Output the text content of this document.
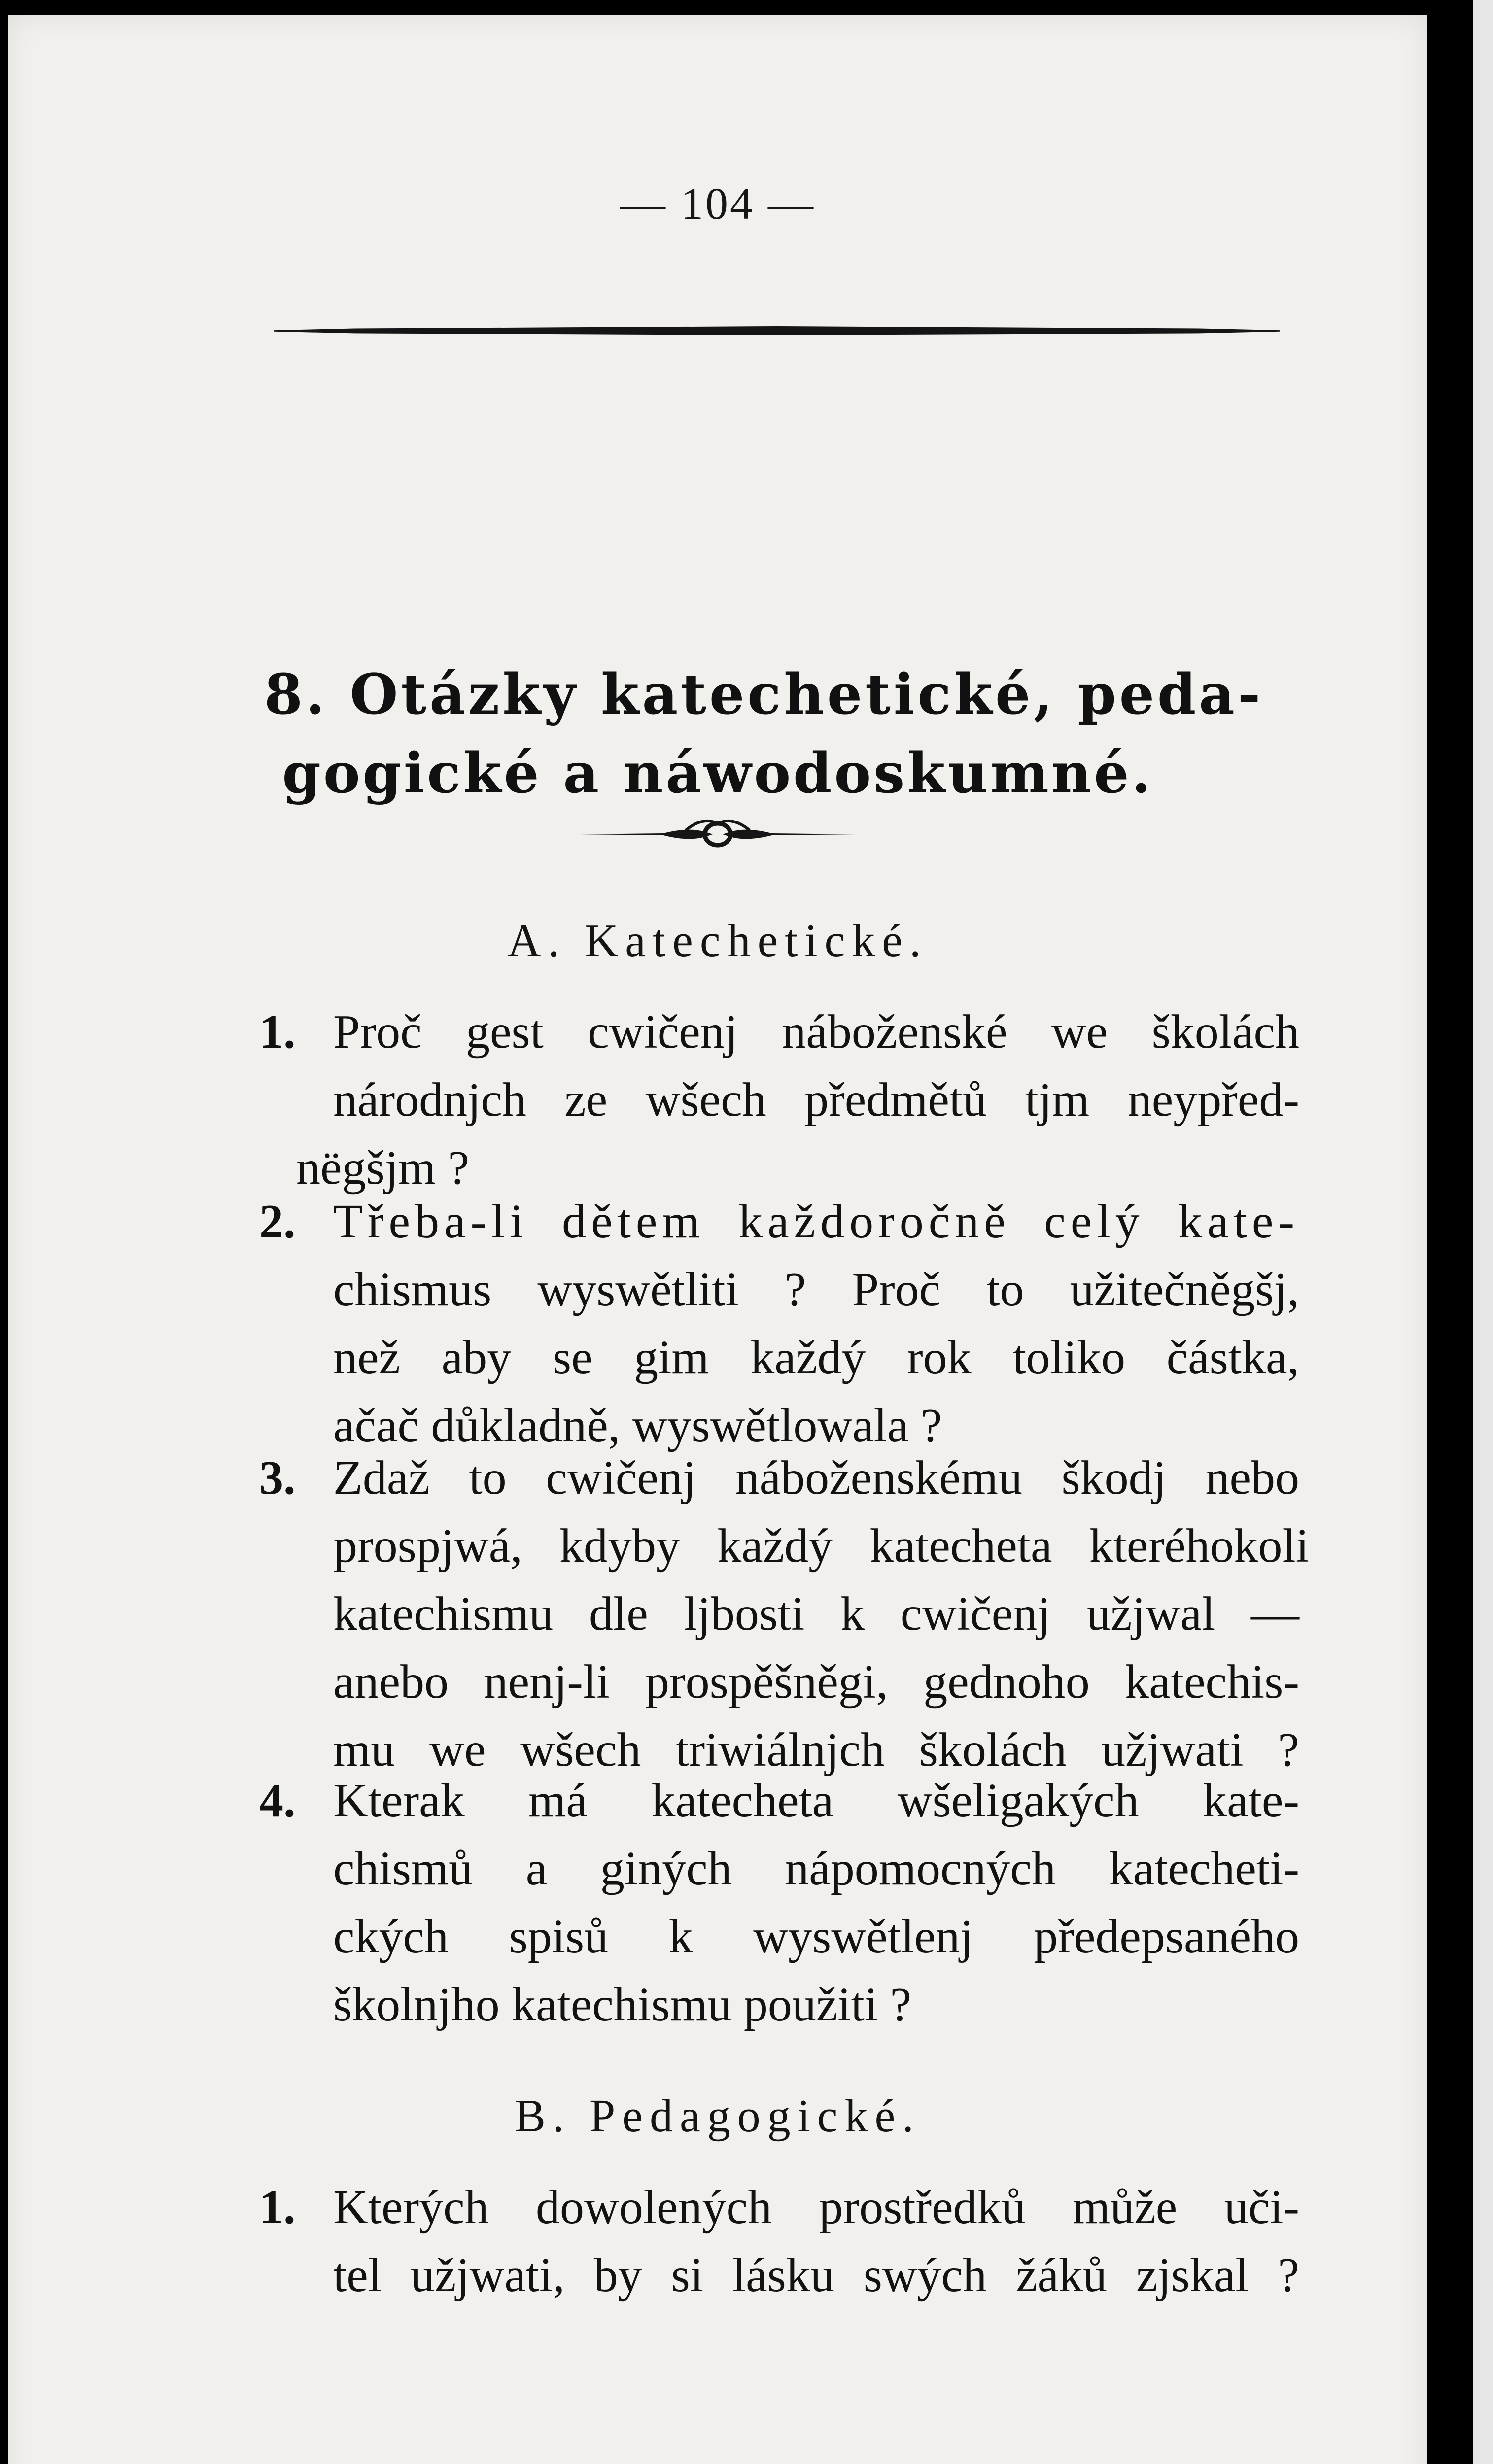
— 104 —
8. Otázky katechetické, peda-
gogické a náwodoskumné.
A. Katechetické.
1. Proč gest cwičenj náboženské we školách
národnjch ze wšech předmětů tjm neypřed-
nëgšjm ?
2. Třeba-li dětem každoročně celý kate-
chismus wyswětliti ? Proč to užitečněgšj,
než aby se gim každý rok toliko částka,
ačač důkladně, wyswětlowala ?
3. Zdaž to cwičenj náboženskému škodj nebo
prospjwá, kdyby každý katecheta kteréhokoli
katechismu dle ljbosti k cwičenj užjwal —
anebo nenj-li prospěšněgi, gednoho katechis-
mu we wšech triwiálnjch školách užjwati ?
4. Kterak má katecheta wšeligakých kate-
chismů a giných nápomocných katecheti-
ckých spisů k wyswětlenj předepsaného
školnjho katechismu použiti ?
B. Pedagogické.
1. Kterých dowolených prostředků může uči-
tel užjwati, by si lásku swých žáků zjskal ?
